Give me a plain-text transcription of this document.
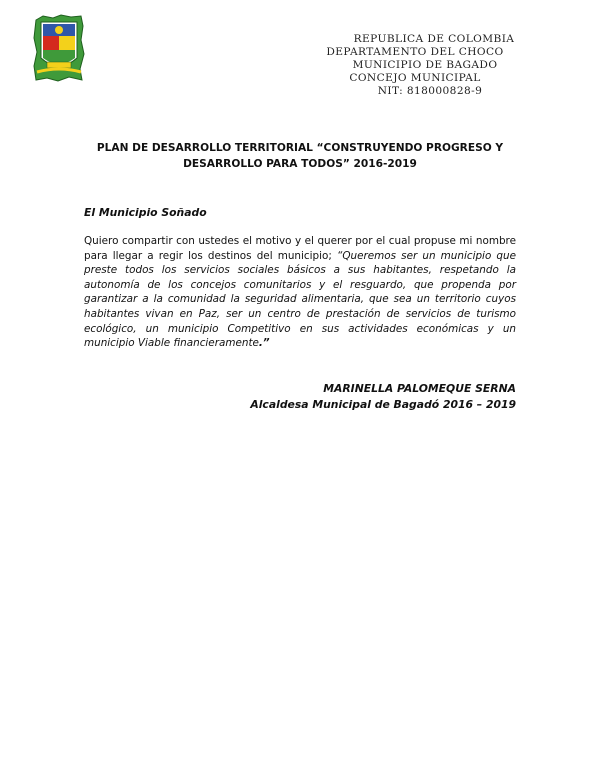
REPUBLICA DE COLOMBIA
DEPARTAMENTO DEL CHOCO
MUNICIPIO DE BAGADO
CONCEJO MUNICIPAL
NIT: 818000828-9
PLAN DE DESARROLLO TERRITORIAL “CONSTRUYENDO PROGRESO Y
DESARROLLO PARA TODOS” 2016-2019
El Municipio Soñado

Quiero compartir con ustedes el motivo y el querer por el cual propuse mi nombre para llegar a regir los destinos del municipio; “Queremos ser un municipio que preste todos los servicios sociales básicos a sus habitantes, respetando la autonomía de los concejos comunitarios y el resguardo, que propenda por garantizar a la comunidad la seguridad alimentaria, que sea un territorio cuyos habitantes vivan en Paz, ser un centro de prestación de servicios de turismo ecológico, un municipio Competitivo en sus actividades económicas y un municipio Viable financieramente.”

MARINELLA PALOMEQUE SERNA
Alcaldesa Municipal de Bagadó 2016 – 2019
